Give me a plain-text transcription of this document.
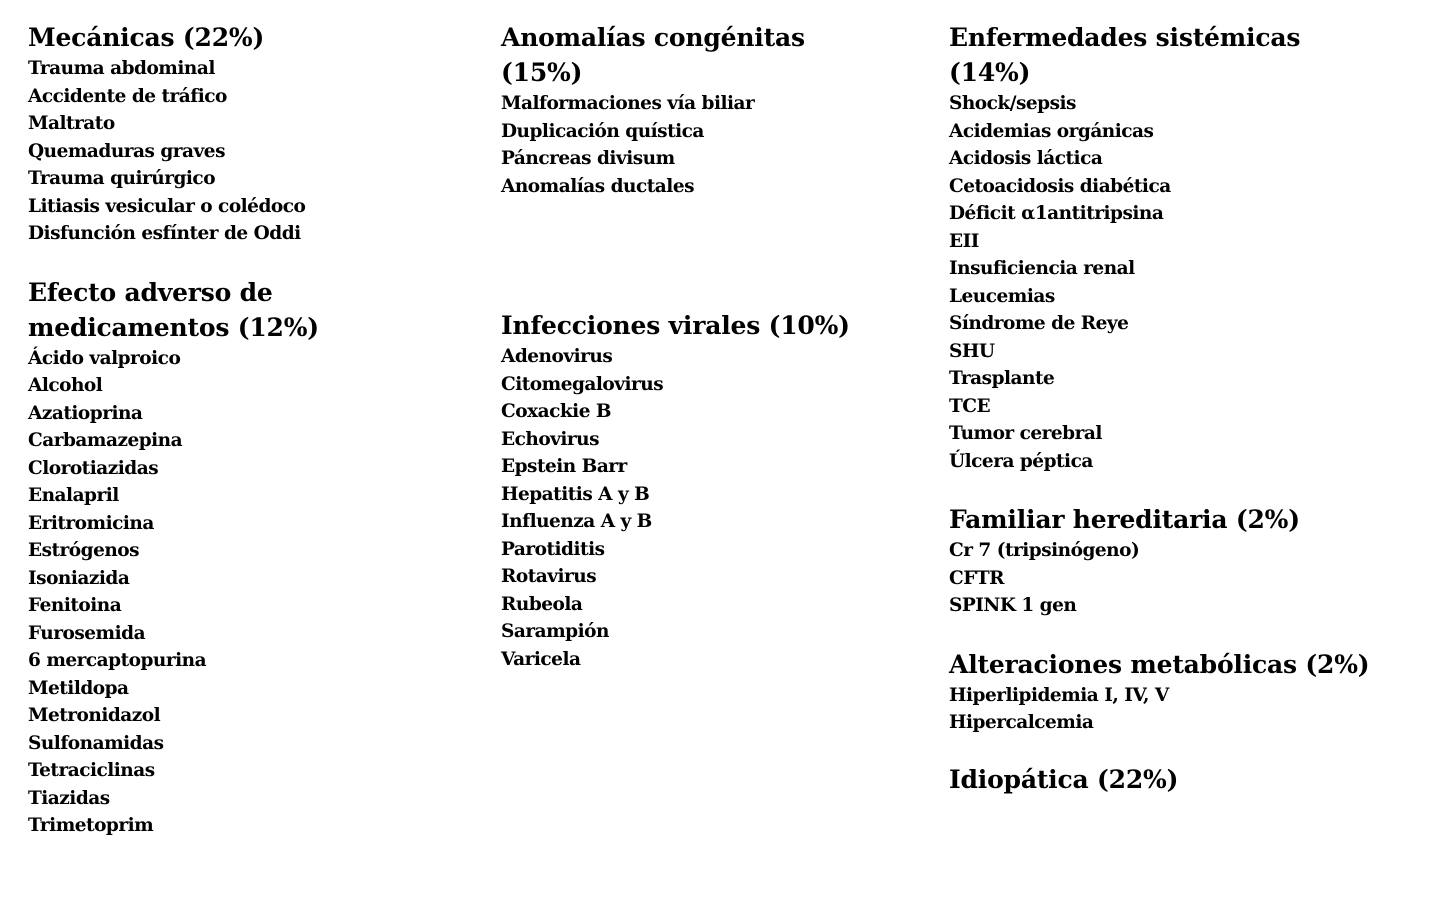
Mecánicas (22%)
Trauma abdominal
Accidente de tráfico
Maltrato
Quemaduras graves
Trauma quirúrgico
Litiasis vesicular o colédoco
Disfunción esfínter de Oddi
Efecto adverso de medicamentos (12%)
Ácido valproico
Alcohol
Azatioprina
Carbamazepina
Clorotiazidas
Enalapril
Eritromicina
Estrógenos
Isoniazida
Fenitoina
Furosemida
6 mercaptopurina
Metildopa
Metronidazol
Sulfonamidas
Tetraciclinas
Tiazidas
Trimetoprim
Anomalías congénitas (15%)
Malformaciones vía biliar
Duplicación quística
Páncreas divisum
Anomalías ductales
Infecciones virales (10%)
Adenovirus
Citomegalovirus
Coxackie B
Echovirus
Epstein Barr
Hepatitis A y B
Influenza A y B
Parotiditis
Rotavirus
Rubeola
Sarampión
Varicela
Enfermedades sistémicas (14%)
Shock/sepsis
Acidemias orgánicas
Acidosis láctica
Cetoacidosis diabética
Déficit α1antitripsina
EII
Insuficiencia renal
Leucemias
Síndrome de Reye
SHU
Trasplante
TCE
Tumor cerebral
Úlcera péptica
Familiar hereditaria (2%)
Cr 7 (tripsinógeno)
CFTR
SPINK 1 gen
Alteraciones metabólicas (2%)
Hiperlipidemia I, IV, V
Hipercalcemia
Idiopática (22%)
